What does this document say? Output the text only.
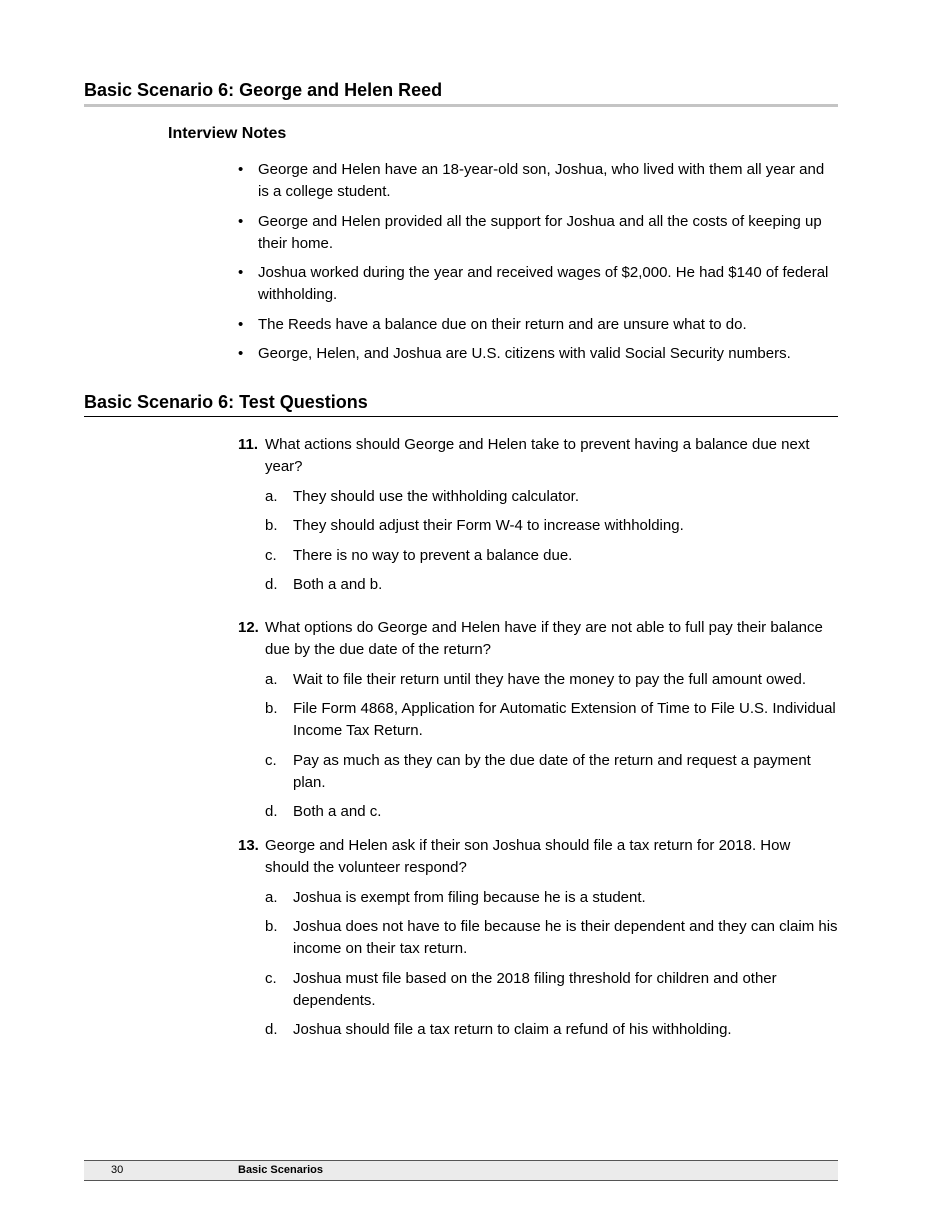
Basic Scenario 6: George and Helen Reed
Interview Notes
• George and Helen have an 18-year-old son, Joshua, who lived with them all year and is a college student.
• George and Helen provided all the support for Joshua and all the costs of keeping up their home.
• Joshua worked during the year and received wages of $2,000. He had $140 of federal withholding.
• The Reeds have a balance due on their return and are unsure what to do.
• George, Helen, and Joshua are U.S. citizens with valid Social Security numbers.
Basic Scenario 6: Test Questions
11. What actions should George and Helen take to prevent having a balance due next year?
a. They should use the withholding calculator.
b. They should adjust their Form W-4 to increase withholding.
c. There is no way to prevent a balance due.
d. Both a and b.
12. What options do George and Helen have if they are not able to full pay their balance due by the due date of the return?
a. Wait to file their return until they have the money to pay the full amount owed.
b. File Form 4868, Application for Automatic Extension of Time to File U.S. Individual Income Tax Return.
c. Pay as much as they can by the due date of the return and request a payment plan.
d. Both a and c.
13. George and Helen ask if their son Joshua should file a tax return for 2018. How should the volunteer respond?
a. Joshua is exempt from filing because he is a student.
b. Joshua does not have to file because he is their dependent and they can claim his income on their tax return.
c. Joshua must file based on the 2018 filing threshold for children and other dependents.
d. Joshua should file a tax return to claim a refund of his withholding.
30	Basic Scenarios
